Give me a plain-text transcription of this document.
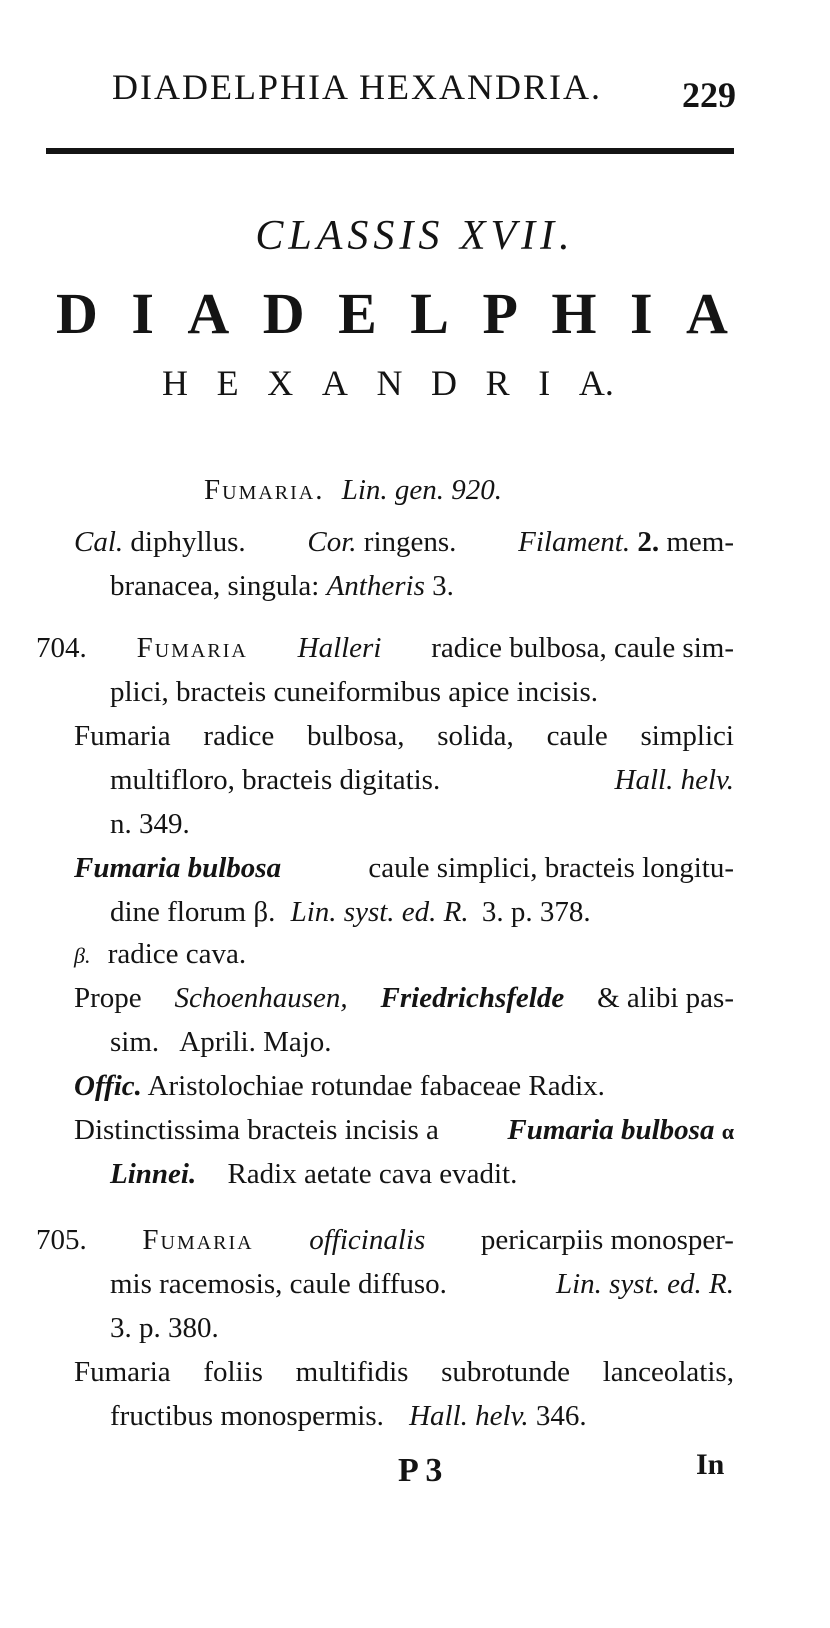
DIADELPHIA HEXANDRIA. 229
CLASSIS XVII.
D I A D E L P H I A
H E X A N D R I A.
Fumaria. Lin. gen. 920.
Cal. diphyllus. Cor. ringens. Filament. 2. mem-
branacea, singula: Antheris 3.
704. Fumaria Halleri radice bulbosa, caule sim-
plici, bracteis cuneiformibus apice incisis.
Fumaria radice bulbosa, solida, caule simplici
multifloro, bracteis digitatis.	Hall. helv.
n. 349.
Fumaria bulbosa	caule simplici, bracteis longitu-
dine florum β. Lin. syst. ed. R. 3. p. 378.
β. radice cava.
Prope Schoenhausen, Friedrichsfelde & alibi pas-
sim.   Aprili. Majo.
Offic. Aristolochiae rotundae fabaceae Radix.
Distinctissima bracteis incisis a Fumaria bulbosa α
Linnei. Radix aetate cava evadit.
705. Fumaria officinalis pericarpiis monosper-
mis racemosis, caule diffuso.	Lin. syst. ed. R.
3. p. 380.
Fumaria foliis multifidis subrotunde lanceolatis,
fructibus monospermis. Hall. helv. 346.
P 3	In
